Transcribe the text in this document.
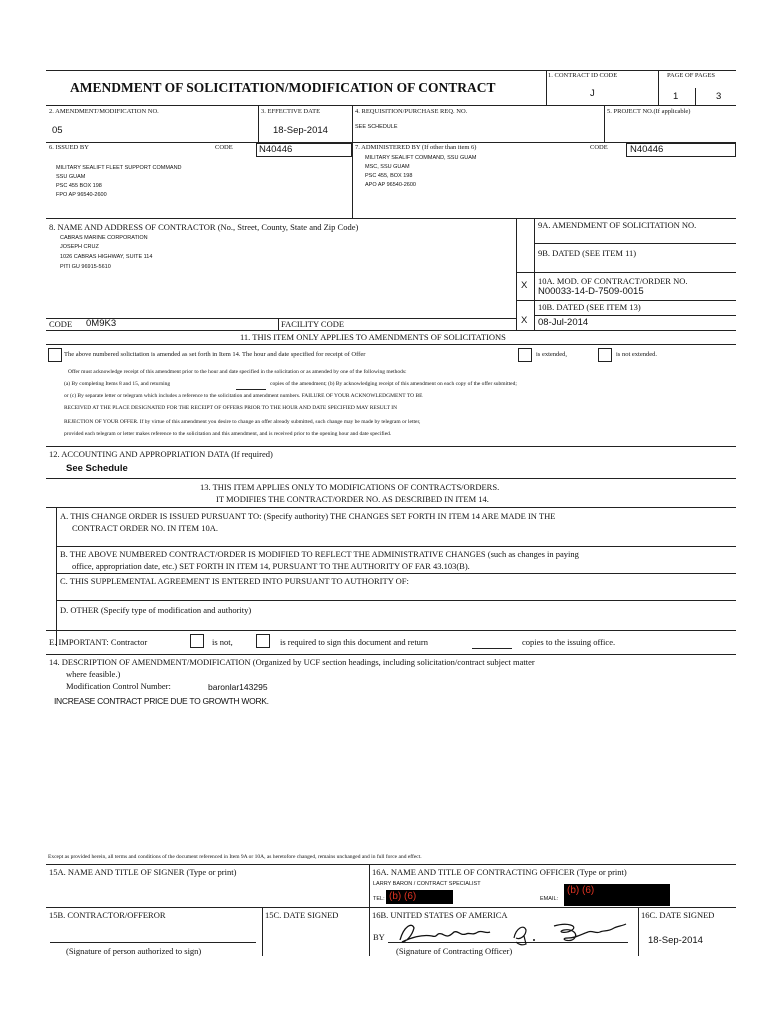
AMENDMENT OF SOLICITATION/MODIFICATION OF CONTRACT
1. CONTRACT ID CODE
J
PAGE OF PAGES
1	3
2. AMENDMENT/MODIFICATION NO.
05
3. EFFECTIVE DATE
18-Sep-2014
4. REQUISITION/PURCHASE REQ. NO.
SEE SCHEDULE
5. PROJECT NO.(If applicable)
6. ISSUED BY	CODE	N40446
MILITARY SEALIFT FLEET SUPPORT COMMAND
SSU GUAM
PSC 455 BOX 198
FPO AP 96540-2600
7. ADMINISTERED BY (If other than item 6)	CODE N40446
MILITARY SEALIFT COMMAND, SSU GUAM
MSC, SSU GUAM
PSC 455, BOX 198
APO AP 96540-2600
8. NAME AND ADDRESS OF CONTRACTOR (No., Street, County, State and Zip Code)
CABRAS MARINE CORPORATION
JOSEPH CRUZ
1026 CABRAS HIGHWAY, SUITE 114
PITI GU 96915-5610
9A. AMENDMENT OF SOLICITATION NO.
9B. DATED (SEE ITEM 11)
X 10A. MOD. OF CONTRACT/ORDER NO.
N00033-14-D-7509-0015
10B. DATED (SEE ITEM 13)
X 08-Jul-2014
CODE 0M9K3	FACILITY CODE
11. THIS ITEM ONLY APPLIES TO AMENDMENTS OF SOLICITATIONS
The above numbered solicitation is amended as set forth in Item 14. The hour and date specified for receipt of Offer	is extended,	is not extended.
Offer must acknowledge receipt of this amendment prior to the hour and date specified in the solicitation or as amended by one of the following methods:
(a) By completing Items 8 and 15, and returning	copies of the amendment; (b) By acknowledging receipt of this amendment on each copy of the offer submitted;
or (c) By separate letter or telegram which includes a reference to the solicitation and amendment numbers. FAILURE OF YOUR ACKNOWLEDGMENT TO BE
RECEIVED AT THE PLACE DESIGNATED FOR THE RECEIPT OF OFFERS PRIOR TO THE HOUR AND DATE SPECIFIED MAY RESULT IN
REJECTION OF YOUR OFFER. If by virtue of this amendment you desire to change an offer already submitted, such change may be made by telegram or letter,
provided each telegram or letter makes reference to the solicitation and this amendment, and is received prior to the opening hour and date specified.
12. ACCOUNTING AND APPROPRIATION DATA (If required)
See Schedule
13. THIS ITEM APPLIES ONLY TO MODIFICATIONS OF CONTRACTS/ORDERS.
IT MODIFIES THE CONTRACT/ORDER NO. AS DESCRIBED IN ITEM 14.
A. THIS CHANGE ORDER IS ISSUED PURSUANT TO: (Specify authority) THE CHANGES SET FORTH IN ITEM 14 ARE MADE IN THE
CONTRACT ORDER NO. IN ITEM 10A.
B. THE ABOVE NUMBERED CONTRACT/ORDER IS MODIFIED TO REFLECT THE ADMINISTRATIVE CHANGES (such as changes in paying
office, appropriation date, etc.) SET FORTH IN ITEM 14, PURSUANT TO THE AUTHORITY OF FAR 43.103(B).
C. THIS SUPPLEMENTAL AGREEMENT IS ENTERED INTO PURSUANT TO AUTHORITY OF:
D. OTHER (Specify type of modification and authority)
E. IMPORTANT: Contractor	is not,	is required to sign this document and return	copies to the issuing office.
14. DESCRIPTION OF AMENDMENT/MODIFICATION (Organized by UCF section headings, including solicitation/contract subject matter
where feasible.)
Modification Control Number:	baronlar143295
INCREASE CONTRACT PRICE DUE TO GROWTH WORK.
Except as provided herein, all terms and conditions of the document referenced in Item 9A or 10A, as heretofore changed, remains unchanged and in full force and effect.
15A. NAME AND TITLE OF SIGNER (Type or print)	16A. NAME AND TITLE OF CONTRACTING OFFICER (Type or print)
LARRY BARON / CONTRACT SPECIALIST
TEL: (b) (6)	EMAIL:
(b) (6)
15B. CONTRACTOR/OFFEROR
(Signature of person authorized to sign)
15C. DATE SIGNED	16B. UNITED STATES OF AMERICA
BY
(Signature of Contracting Officer)
16C. DATE SIGNED
18-Sep-2014
